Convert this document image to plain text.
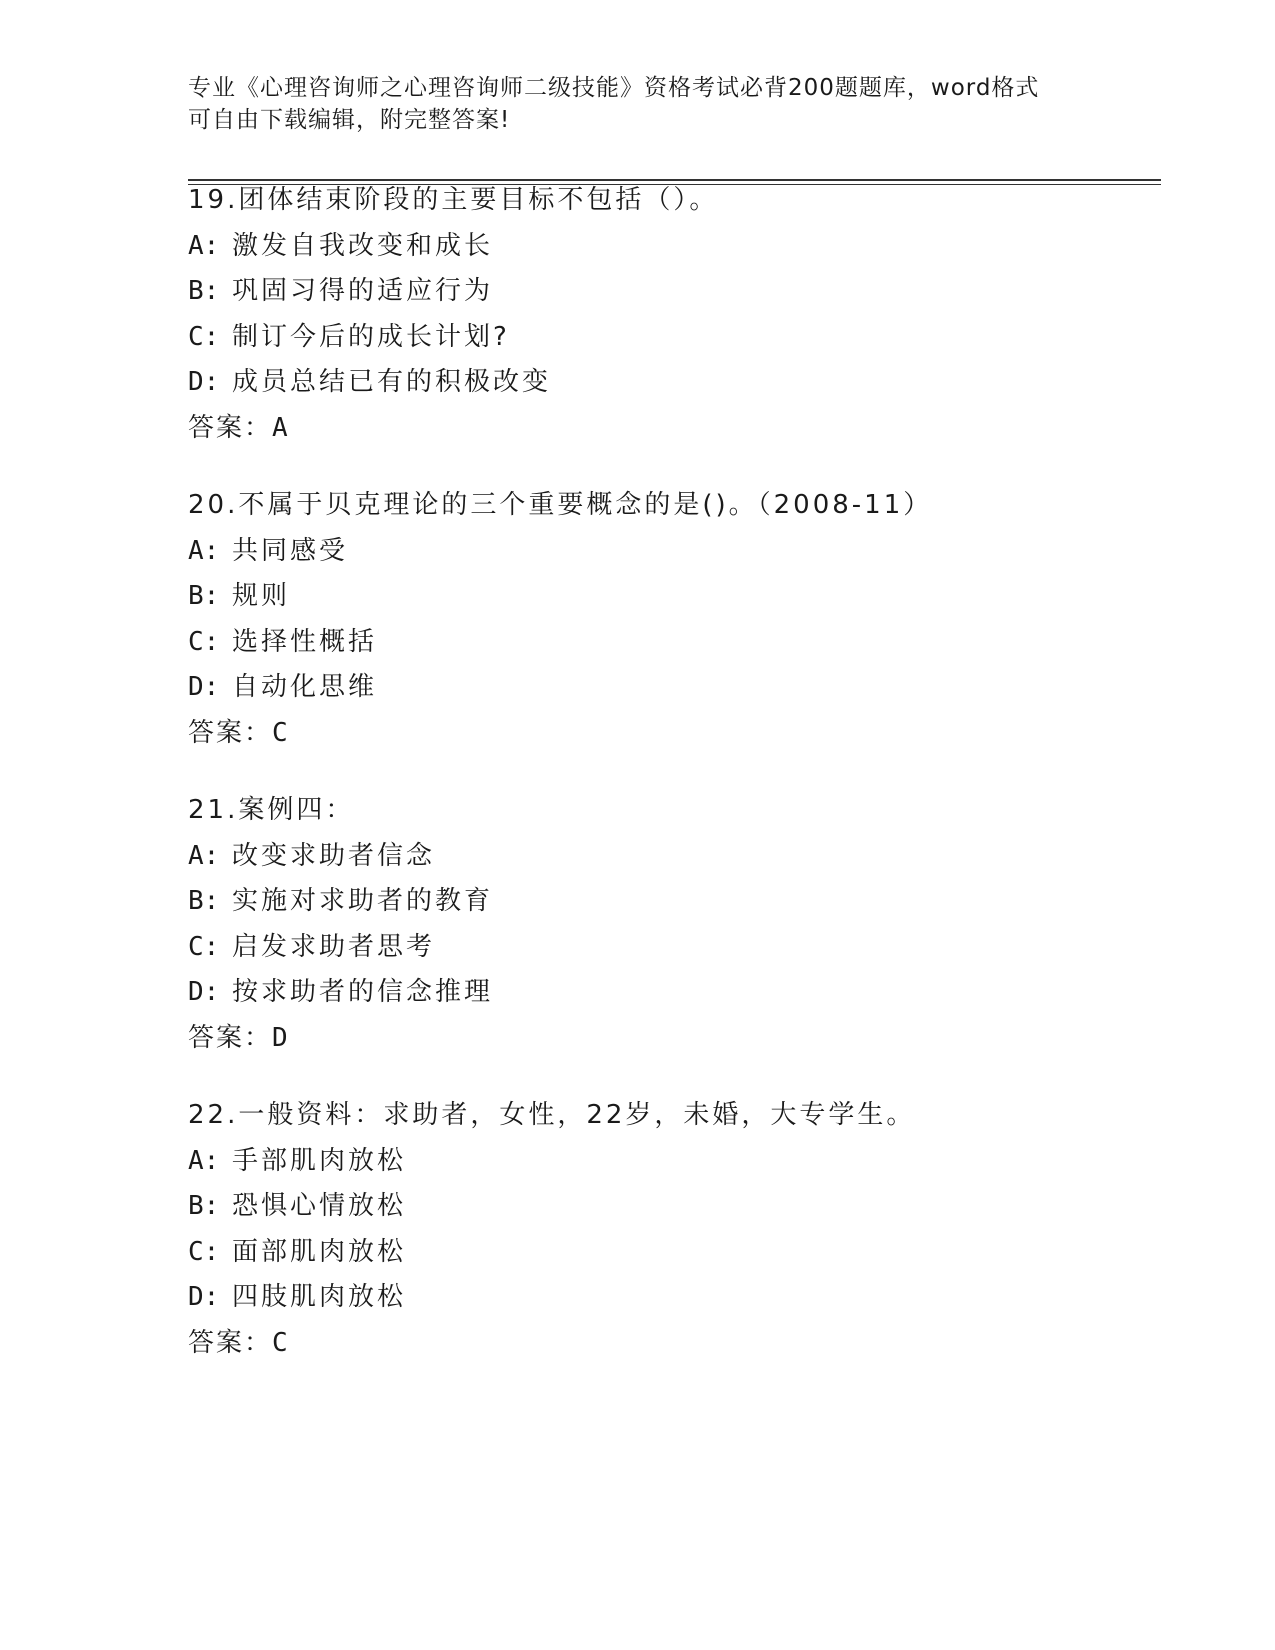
专业《心理咨询师之心理咨询师二级技能》资格考试必背200题题库，word格式
可自由下载编辑，附完整答案!
19.团体结束阶段的主要目标不包括（）。
A: 激发自我改变和成长
B: 巩固习得的适应行为
C: 制订今后的成长计划?
D: 成员总结已有的积极改变
答案：A
20.不属于贝克理论的三个重要概念的是()。（2008-11）
A: 共同感受
B: 规则
C: 选择性概括
D: 自动化思维
答案：C
21.案例四：
A: 改变求助者信念
B: 实施对求助者的教育
C: 启发求助者思考
D: 按求助者的信念推理
答案：D
22.一般资料：求助者，女性，22岁，未婚，大专学生。
A: 手部肌肉放松
B: 恐惧心情放松
C: 面部肌肉放松
D: 四肢肌肉放松
答案：C
